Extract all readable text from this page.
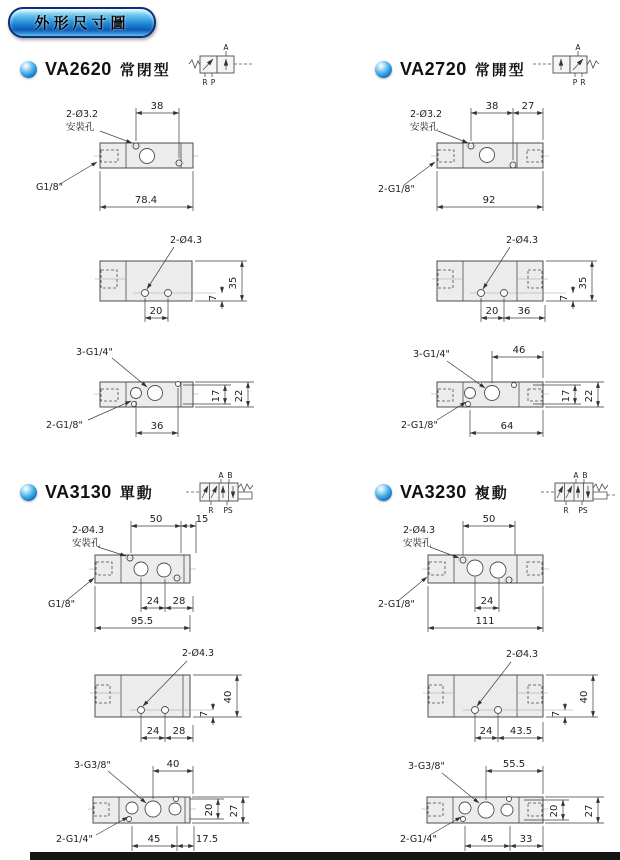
外形尺寸圖
VA2620 常閉型	VA2720 常開型
VA3130 單動	VA3230 複動
A
R P
2-Ø3.2
安裝孔
38
G1/8"
78.4
2-Ø4.3
35
7
20
3-G1/4"
2-G1/8"	36
17 22
A
P R
2-Ø3.2
安裝孔
38 27
2-G1/8"
92
2-Ø4.3
35
7
20 36
3-G1/4"	46
2-G1/8"	64
17 22
A B
R PS
2-Ø4.3
安裝孔
50	15
G1/8"	24 28
95.5
2-Ø4.3
7
40
24 28
3-G3/8"	40
2-G1/4"	45	17.5
20 27
A B
R PS
2-Ø4.3
安裝孔
50
2-G1/8"	24
111
2-Ø4.3
7
40
24 43.5
3-G3/8"	55.5
2-G1/4"	45	33
20 27
